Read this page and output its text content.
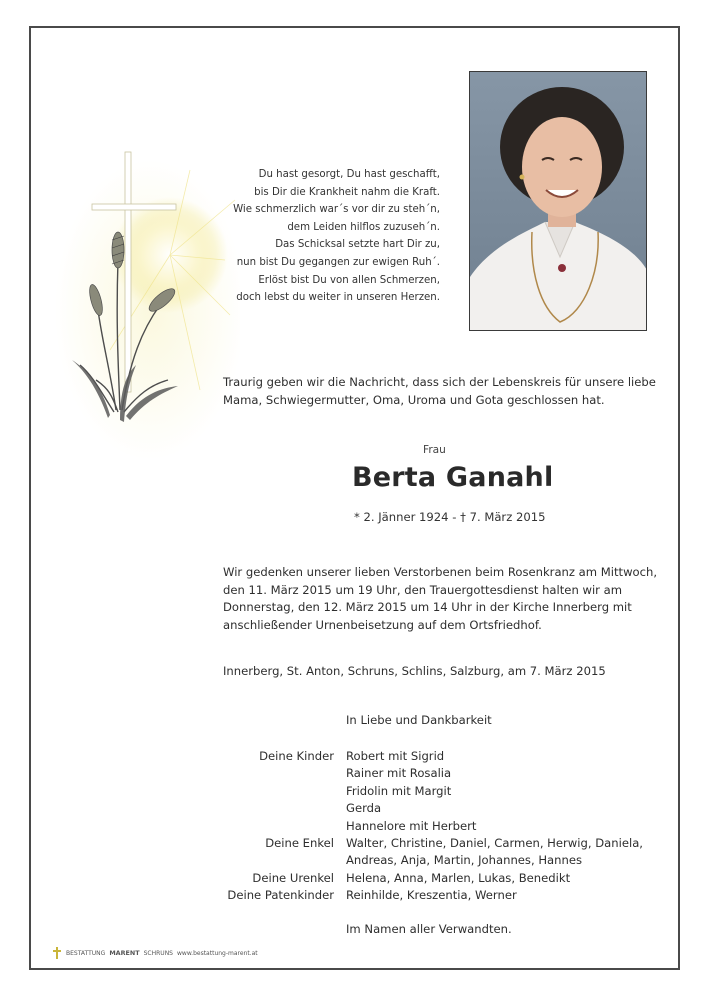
Du hast gesorgt, Du hast geschafft,
bis Dir die Krankheit nahm die Kraft.
Wie schmerzlich war´s vor dir zu steh´n,
dem Leiden hilflos zuzuseh´n.
Das Schicksal setzte hart Dir zu,
nun bist Du gegangen zur ewigen Ruh´.
Erlöst bist Du von allen Schmerzen,
doch lebst du weiter in unseren Herzen.
Traurig geben wir die Nachricht, dass sich der Lebenskreis für unsere liebe Mama, Schwiegermutter, Oma, Uroma und Gota geschlossen hat.
Frau
Berta Ganahl
* 2. Jänner 1924 - † 7. März 2015
Wir gedenken unserer lieben Verstorbenen beim Rosenkranz am Mittwoch, den 11. März 2015 um 19 Uhr, den Trauergottesdienst halten wir am Donnerstag, den 12. März 2015 um 14 Uhr in der Kirche Innerberg mit anschließender Urnenbeisetzung auf dem Ortsfriedhof.
Innerberg, St. Anton, Schruns, Schlins, Salzburg, am 7. März 2015
In Liebe und Dankbarkeit
Deine Kinder Robert mit Sigrid
Rainer mit Rosalia
Fridolin mit Margit
Gerda
Hannelore mit Herbert
Deine Enkel Walter, Christine, Daniel, Carmen, Herwig, Daniela, Andreas, Anja, Martin, Johannes, Hannes
Deine Urenkel Helena, Anna, Marlen, Lukas, Benedikt
Deine Patenkinder Reinhilde, Kreszentia, Werner
Im Namen aller Verwandten.
BESTATTUNG MARENT SCHRUNS www.bestattung-marent.at
